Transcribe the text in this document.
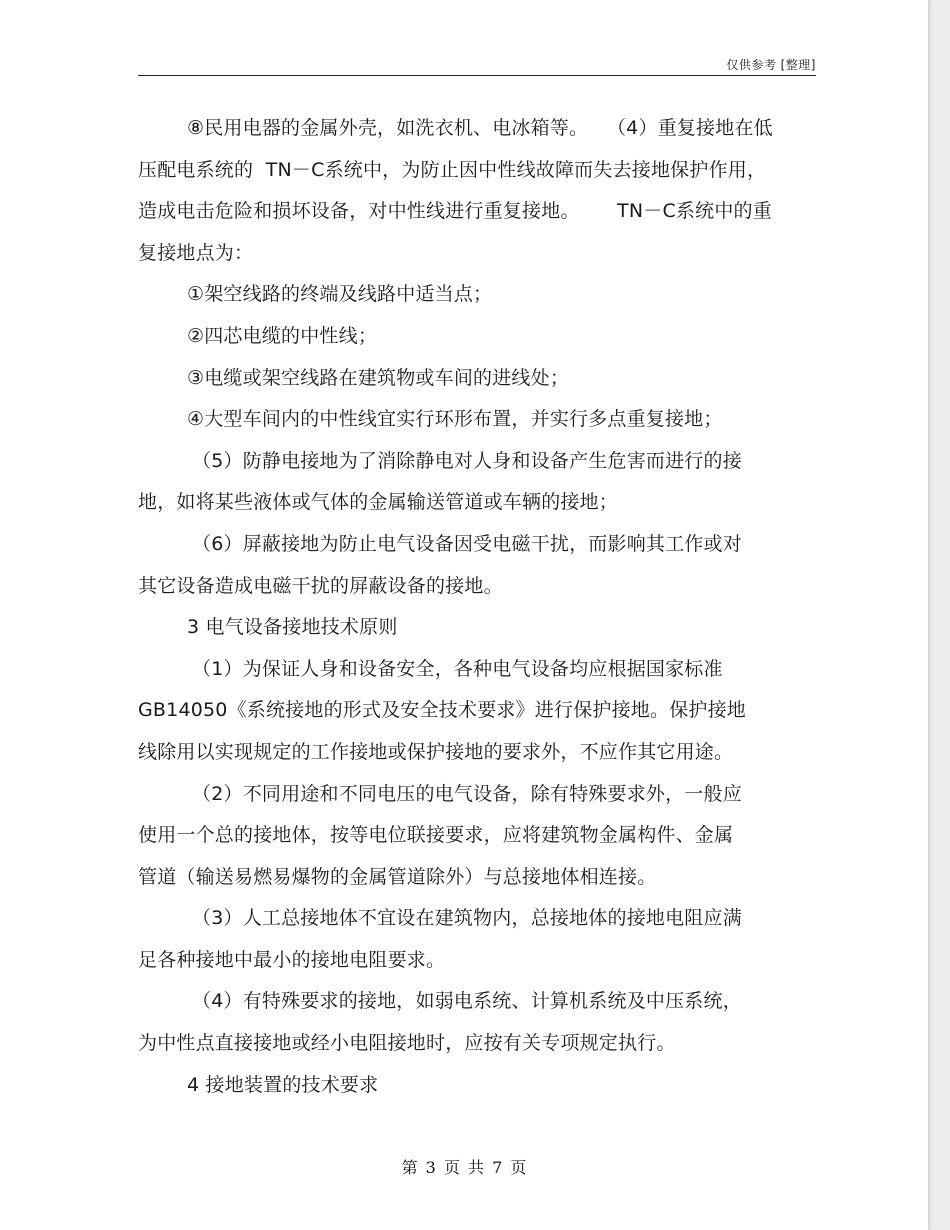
仅供参考 [整理]
⑧民用电器的金属外壳，如洗衣机、电冰箱等。   （4）重复接地在低
压配电系统的  TN－C系统中，为防止因中性线故障而失去接地保护作用，
造成电击危险和损坏设备，对中性线进行重复接地。      TN－C系统中的重
复接地点为：
①架空线路的终端及线路中适当点；
②四芯电缆的中性线；
③电缆或架空线路在建筑物或车间的进线处；
④大型车间内的中性线宜实行环形布置，并实行多点重复接地；
（5）防静电接地为了消除静电对人身和设备产生危害而进行的接
地，如将某些液体或气体的金属输送管道或车辆的接地；
（6）屏蔽接地为防止电气设备因受电磁干扰，而影响其工作或对
其它设备造成电磁干扰的屏蔽设备的接地。
3 电气设备接地技术原则
（1）为保证人身和设备安全，各种电气设备均应根据国家标准
GB14050《系统接地的形式及安全技术要求》进行保护接地。保护接地
线除用以实现规定的工作接地或保护接地的要求外，不应作其它用途。
（2）不同用途和不同电压的电气设备，除有特殊要求外，一般应
使用一个总的接地体，按等电位联接要求，应将建筑物金属构件、金属
管道（输送易燃易爆物的金属管道除外）与总接地体相连接。
（3）人工总接地体不宜设在建筑物内，总接地体的接地电阻应满
足各种接地中最小的接地电阻要求。
（4）有特殊要求的接地，如弱电系统、计算机系统及中压系统，
为中性点直接接地或经小电阻接地时，应按有关专项规定执行。
4 接地装置的技术要求
第 3 页 共 7 页
